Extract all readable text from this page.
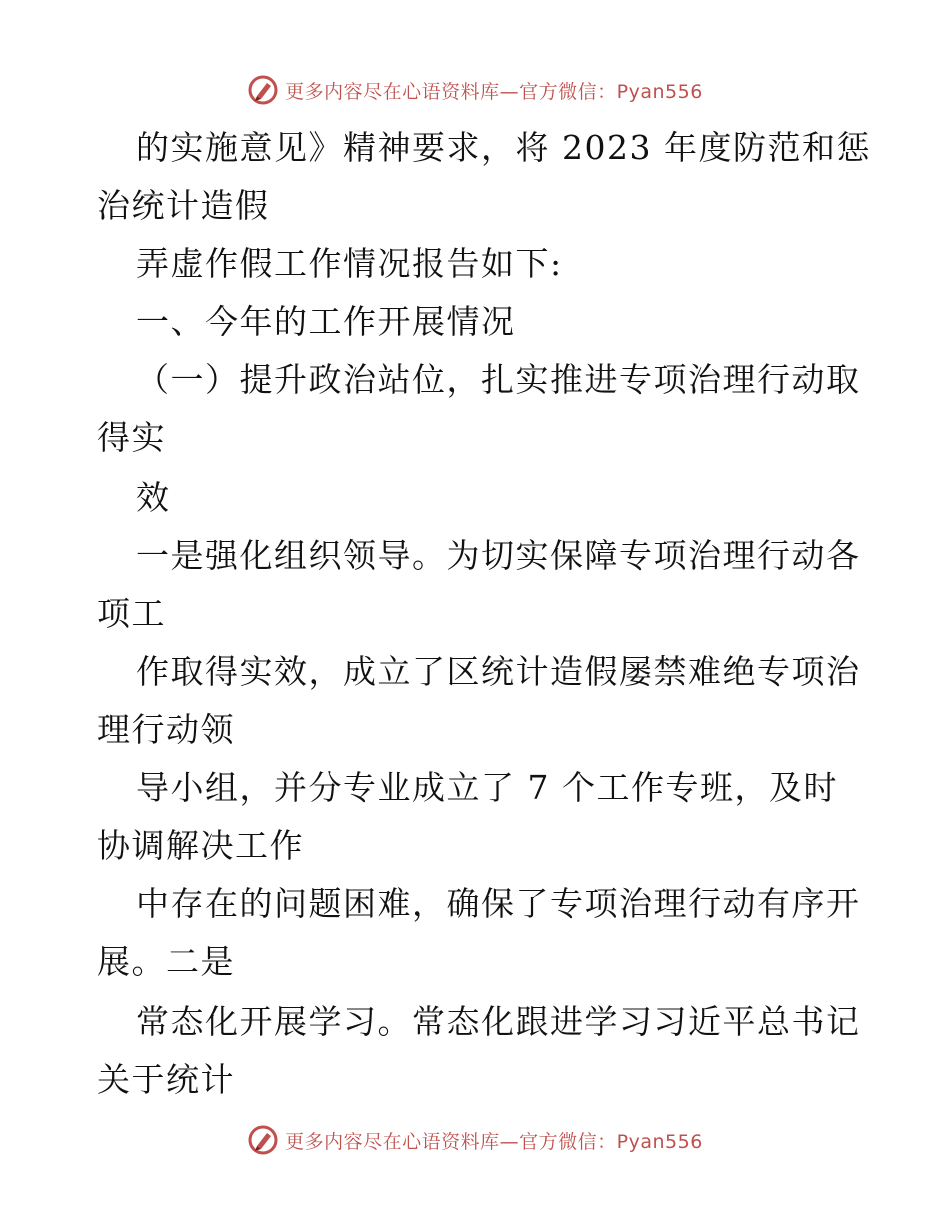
更多内容尽在心语资料库—官方微信：Pyan556
的实施意见》精神要求，将 2023 年度防范和惩
治统计造假
弄虚作假工作情况报告如下:
一、今年的工作开展情况
（一）提升政治站位，扎实推进专项治理行动取
得实
效
一是强化组织领导。为切实保障专项治理行动各
项工
作取得实效，成立了区统计造假屡禁难绝专项治
理行动领
导小组，并分专业成立了 7 个工作专班，及时
协调解决工作
中存在的问题困难，确保了专项治理行动有序开
展。二是
常态化开展学习。常态化跟进学习习近平总书记
关于统计
更多内容尽在心语资料库—官方微信：Pyan556
